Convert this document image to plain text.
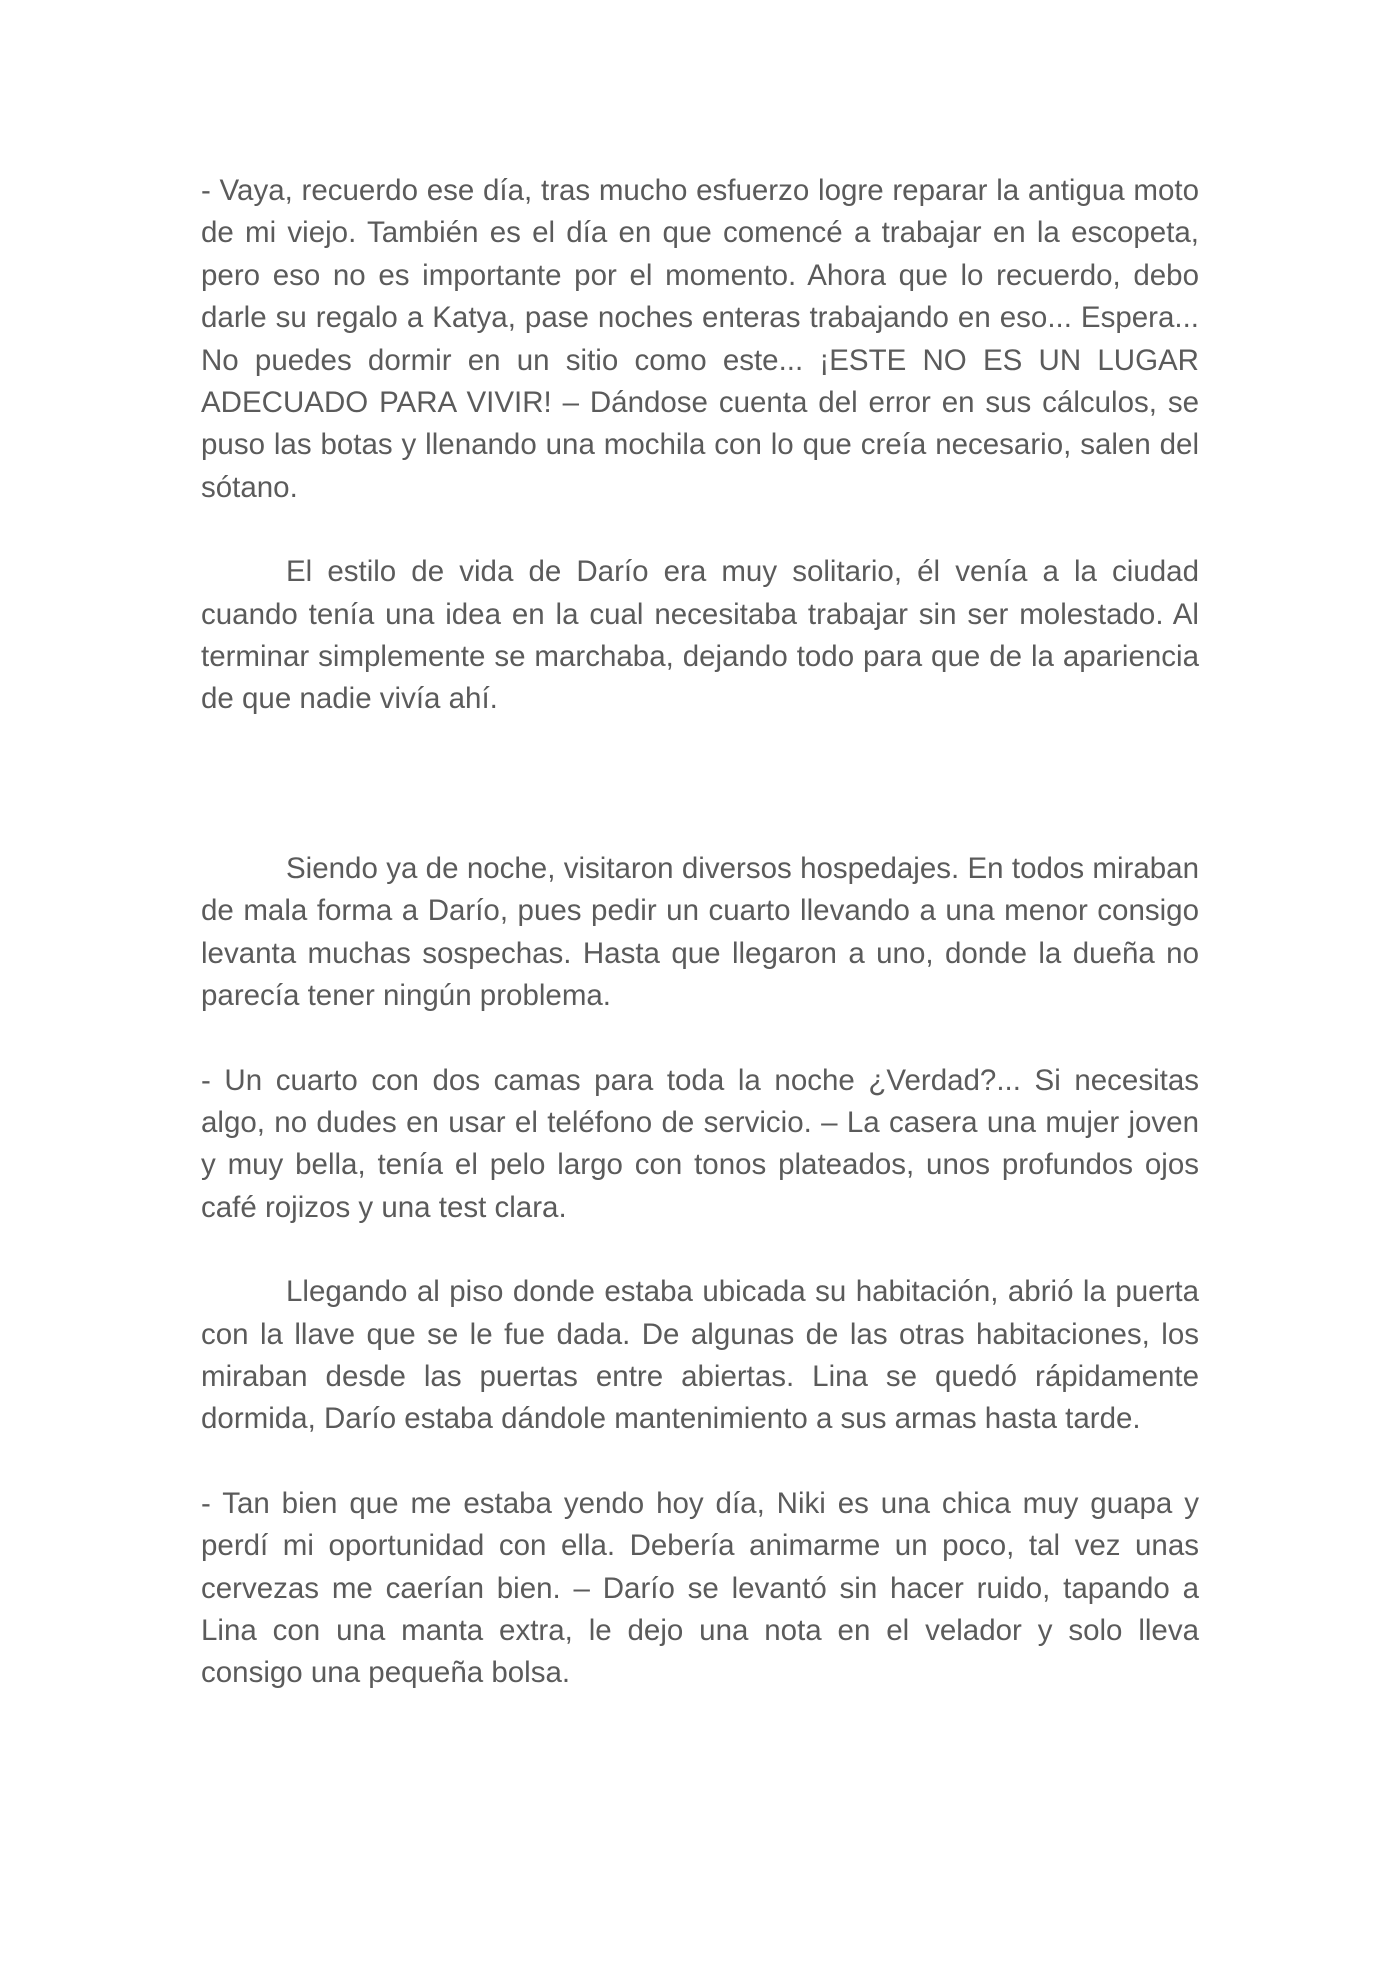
- Vaya, recuerdo ese día, tras mucho esfuerzo logre reparar la antigua moto de mi viejo. También es el día en que comencé a trabajar en la escopeta, pero eso no es importante por el momento. Ahora que lo recuerdo, debo darle su regalo a Katya, pase noches enteras trabajando en eso... Espera... No puedes dormir en un sitio como este... ¡ESTE NO ES UN LUGAR ADECUADO PARA VIVIR! – Dándose cuenta del error en sus cálculos, se puso las botas y llenando una mochila con lo que creía necesario, salen del sótano.

El estilo de vida de Darío era muy solitario, él venía a la ciudad cuando tenía una idea en la cual necesitaba trabajar sin ser molestado. Al terminar simplemente se marchaba, dejando todo para que de la apariencia de que nadie vivía ahí.

Siendo ya de noche, visitaron diversos hospedajes. En todos miraban de mala forma a Darío, pues pedir un cuarto llevando a una menor consigo levanta muchas sospechas. Hasta que llegaron a uno, donde la dueña no parecía tener ningún problema.

- Un cuarto con dos camas para toda la noche ¿Verdad?... Si necesitas algo, no dudes en usar el teléfono de servicio. – La casera una mujer joven y muy bella, tenía el pelo largo con tonos plateados, unos profundos ojos café rojizos y una test clara.

Llegando al piso donde estaba ubicada su habitación, abrió la puerta con la llave que se le fue dada. De algunas de las otras habitaciones, los miraban desde las puertas entre abiertas. Lina se quedó rápidamente dormida, Darío estaba dándole mantenimiento a sus armas hasta tarde.

- Tan bien que me estaba yendo hoy día, Niki es una chica muy guapa y perdí mi oportunidad con ella. Debería animarme un poco, tal vez unas cervezas me caerían bien. – Darío se levantó sin hacer ruido, tapando a Lina con una manta extra, le dejo una nota en el velador y solo lleva consigo una pequeña bolsa.
